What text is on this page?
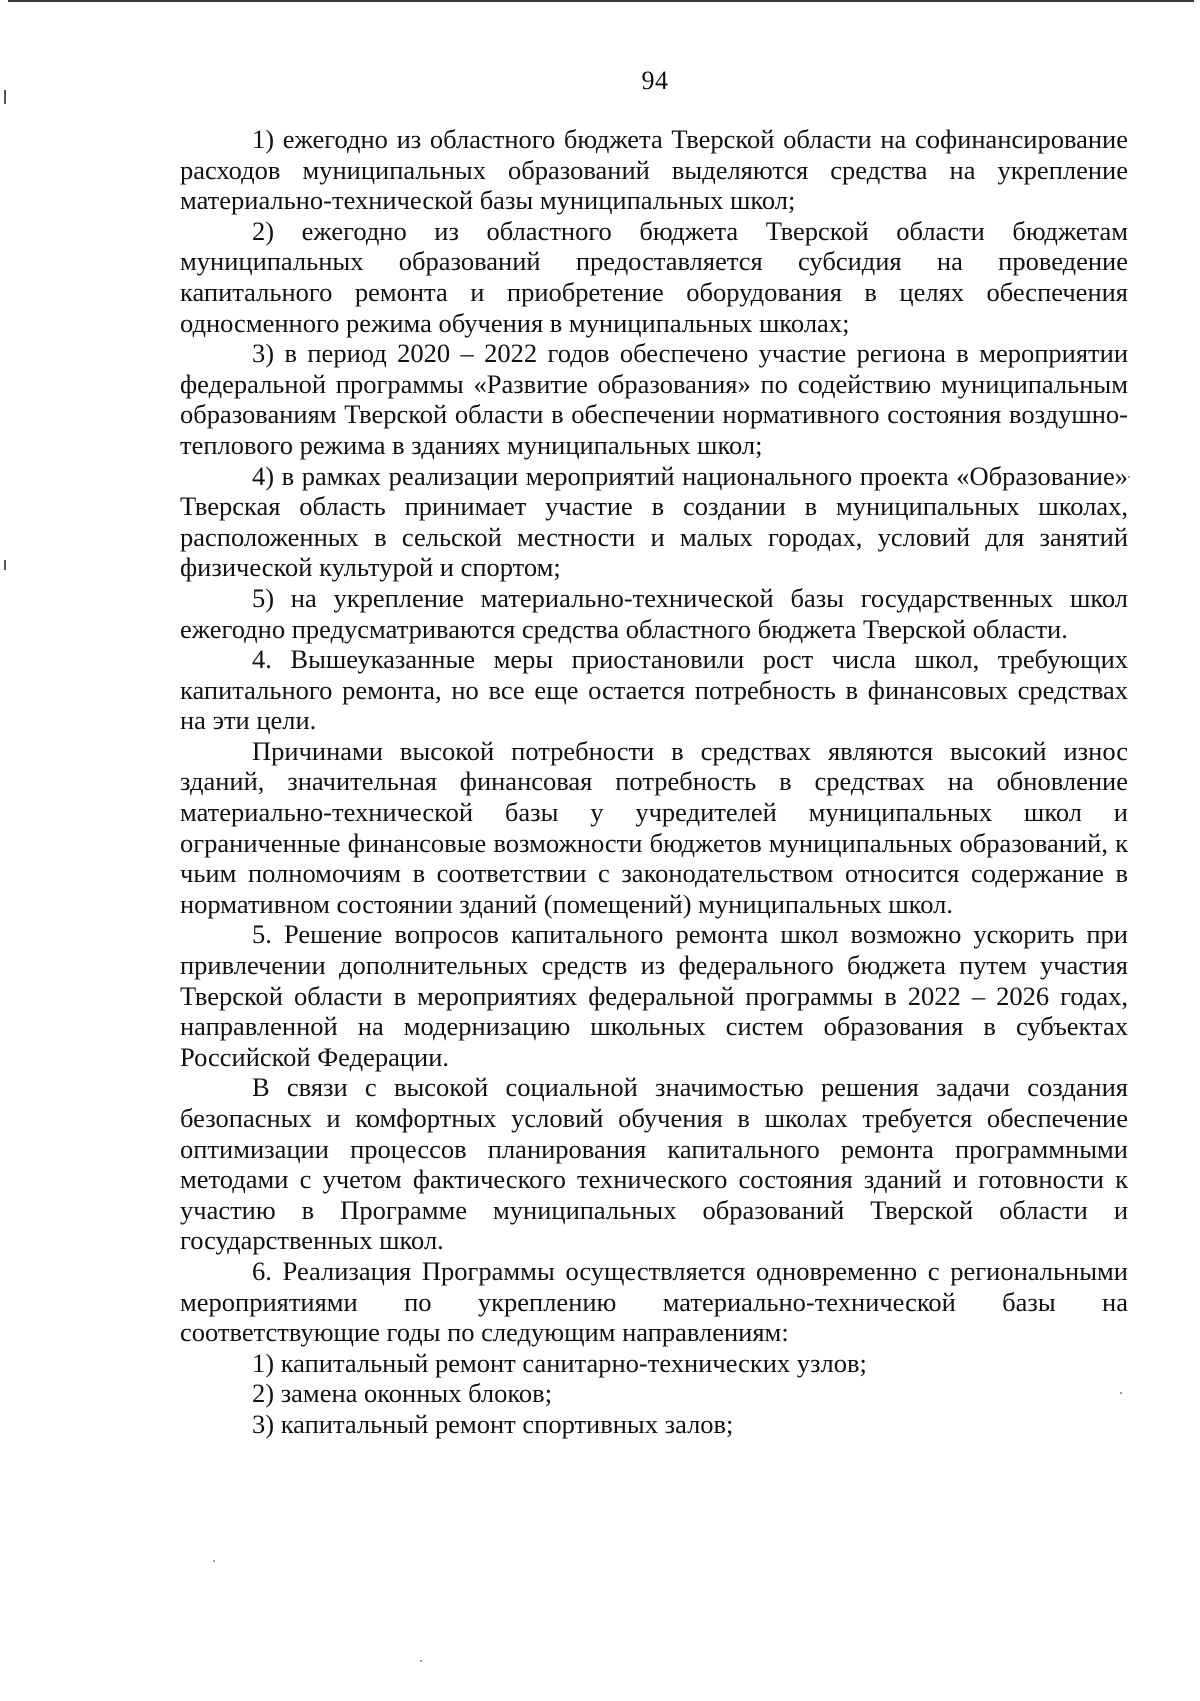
94

1) ежегодно из областного бюджета Тверской области на софинансирование расходов муниципальных образований выделяются средства на укрепление материально-технической базы муниципальных школ;

2) ежегодно из областного бюджета Тверской области бюджетам муниципальных образований предоставляется субсидия на проведение капитального ремонта и приобретение оборудования в целях обеспечения односменного режима обучения в муниципальных школах;

3) в период 2020 – 2022 годов обеспечено участие региона в мероприятии федеральной программы «Развитие образования» по содействию муниципальным образованиям Тверской области в обеспечении нормативного состояния воздушно-теплового режима в зданиях муниципальных школ;

4) в рамках реализации мероприятий национального проекта «Образование» Тверская область принимает участие в создании в муниципальных школах, расположенных в сельской местности и малых городах, условий для занятий физической культурой и спортом;

5) на укрепление материально-технической базы государственных школ ежегодно предусматриваются средства областного бюджета Тверской области.

4. Вышеуказанные меры приостановили рост числа школ, требующих капитального ремонта, но все еще остается потребность в финансовых средствах на эти цели.

Причинами высокой потребности в средствах являются высокий износ зданий, значительная финансовая потребность в средствах на обновление материально-технической базы у учредителей муниципальных школ и ограниченные финансовые возможности бюджетов муниципальных образований, к чьим полномочиям в соответствии с законодательством относится содержание в нормативном состоянии зданий (помещений) муниципальных школ.

5. Решение вопросов капитального ремонта школ возможно ускорить при привлечении дополнительных средств из федерального бюджета путем участия Тверской области в мероприятиях федеральной программы в 2022 – 2026 годах, направленной на модернизацию школьных систем образования в субъектах Российской Федерации.

В связи с высокой социальной значимостью решения задачи создания безопасных и комфортных условий обучения в школах требуется обеспечение оптимизации процессов планирования капитального ремонта программными методами с учетом фактического технического состояния зданий и готовности к участию в Программе муниципальных образований Тверской области и государственных школ.

6. Реализация Программы осуществляется одновременно с региональными мероприятиями по укреплению материально-технической базы на соответствующие годы по следующим направлениям:

1) капитальный ремонт санитарно-технических узлов;

2) замена оконных блоков;

3) капитальный ремонт спортивных залов;
